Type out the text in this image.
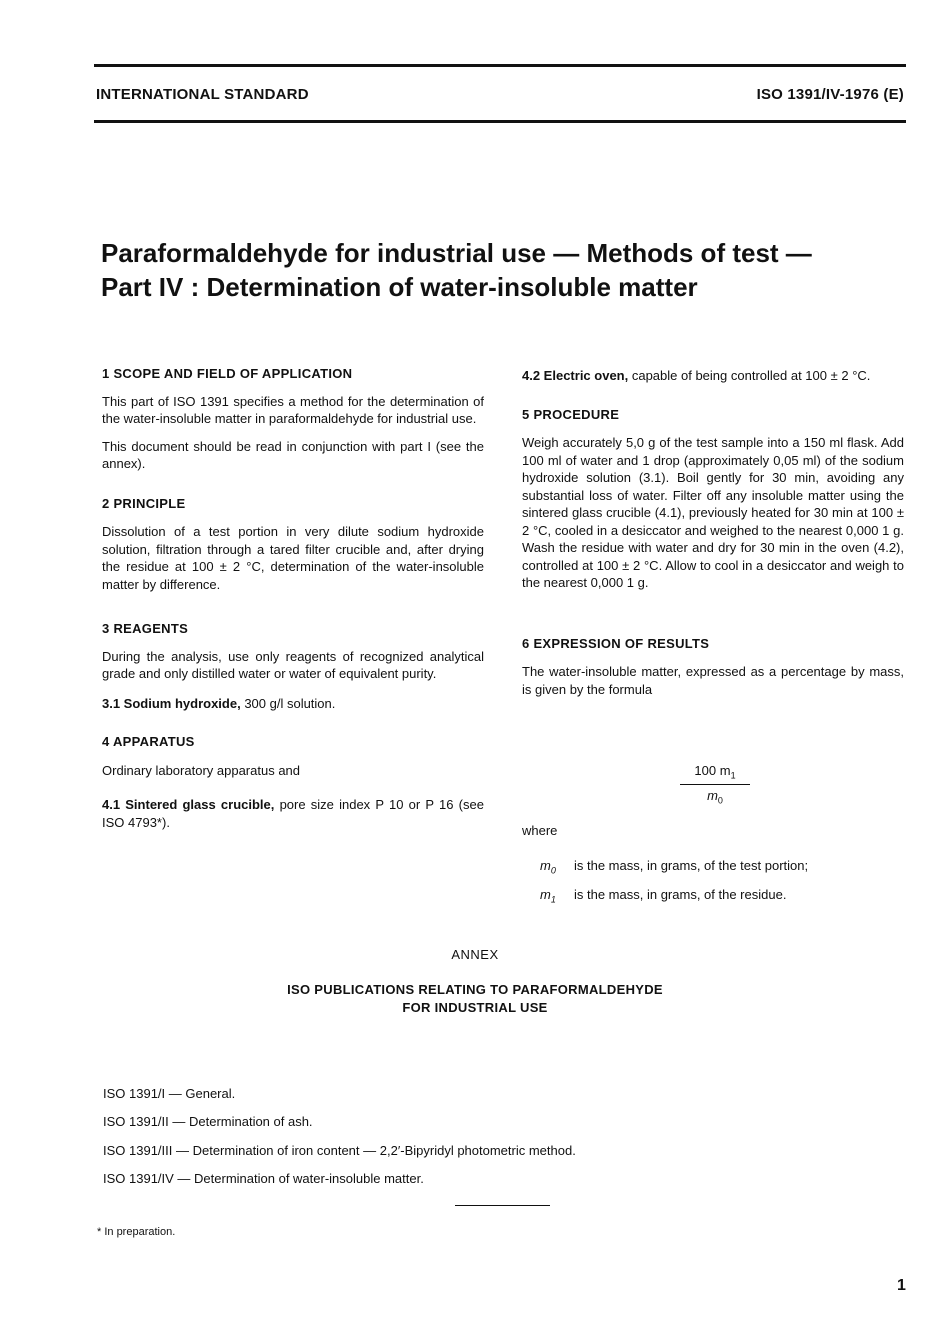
INTERNATIONAL STANDARD	ISO 1391/IV-1976 (E)
Paraformaldehyde for industrial use — Methods of test —
Part IV : Determination of water-insoluble matter
1 SCOPE AND FIELD OF APPLICATION

This part of ISO 1391 specifies a method for the determination of the water-insoluble matter in paraformaldehyde for industrial use.

This document should be read in conjunction with part I (see the annex).

2 PRINCIPLE

Dissolution of a test portion in very dilute sodium hydroxide solution, filtration through a tared filter crucible and, after drying the residue at 100 ± 2 °C, determination of the water-insoluble matter by difference.

3 REAGENTS

During the analysis, use only reagents of recognized analytical grade and only distilled water or water of equivalent purity.

3.1 Sodium hydroxide, 300 g/l solution.

4 APPARATUS

Ordinary laboratory apparatus and

4.1 Sintered glass crucible, pore size index P 10 or P 16 (see ISO 4793*).

4.2 Electric oven, capable of being controlled at 100 ± 2 °C.

5 PROCEDURE

Weigh accurately 5,0 g of the test sample into a 150 ml flask. Add 100 ml of water and 1 drop (approximately 0,05 ml) of the sodium hydroxide solution (3.1). Boil gently for 30 min, avoiding any substantial loss of water. Filter off any insoluble matter using the sintered glass crucible (4.1), previously heated for 30 min at 100 ± 2 °C, cooled in a desiccator and weighed to the nearest 0,000 1 g. Wash the residue with water and dry for 30 min in the oven (4.2), controlled at 100 ± 2 °C. Allow to cool in a desiccator and weigh to the nearest 0,000 1 g.

6 EXPRESSION OF RESULTS

The water-insoluble matter, expressed as a percentage by mass, is given by the formula

$\frac{100 m_1}{m_0}$
where
$m_0$ is the mass, in grams, of the test portion;
$m_1$ is the mass, in grams, of the residue.
ANNEX
ISO PUBLICATIONS RELATING TO PARAFORMALDEHYDE
FOR INDUSTRIAL USE
ISO 1391/I — General.
ISO 1391/II — Determination of ash.
ISO 1391/III — Determination of iron content — 2,2′-Bipyridyl photometric method.
ISO 1391/IV — Determination of water-insoluble matter.
* In preparation.
1
